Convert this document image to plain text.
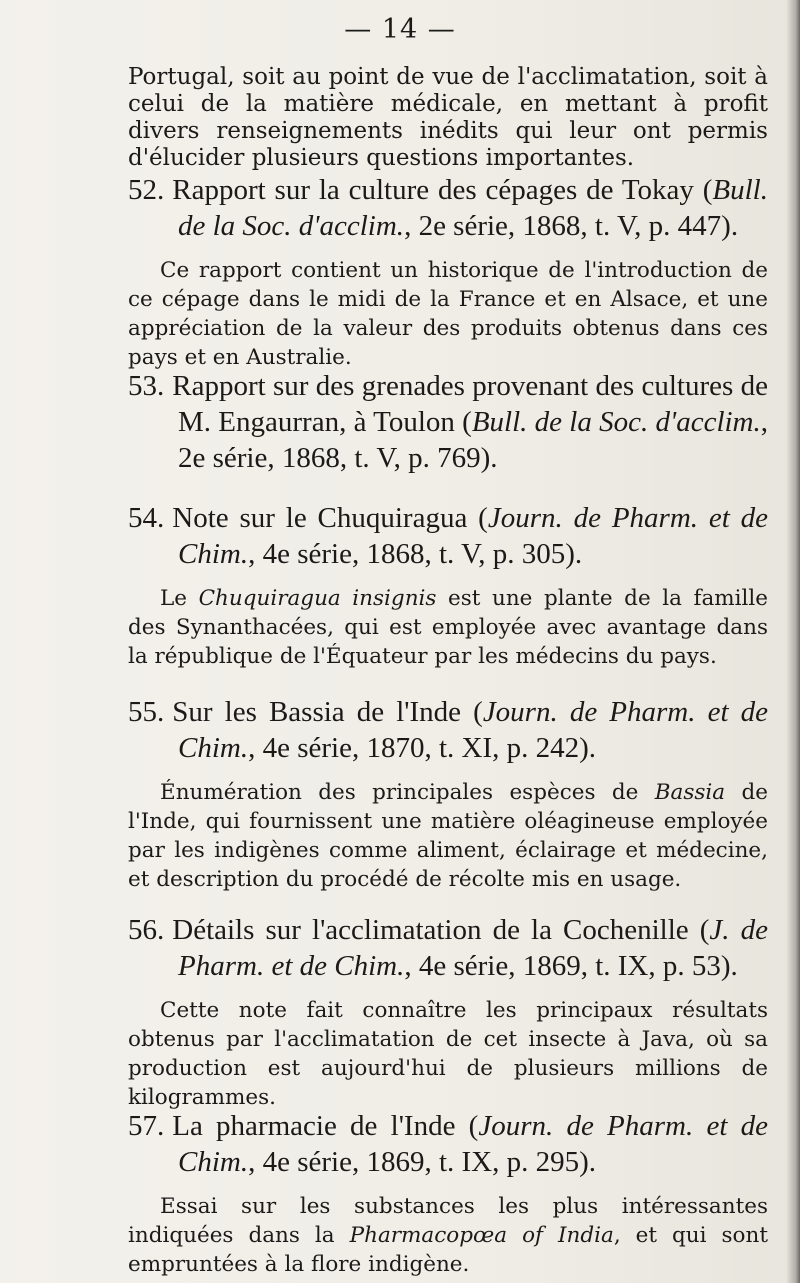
— 14 —
Portugal, soit au point de vue de l'acclimatation, soit à celui de la matière médicale, en mettant à profit divers renseignements inédits qui leur ont permis d'élucider plusieurs questions importantes.
52. Rapport sur la culture des cépages de Tokay (Bull. de la Soc. d'acclim., 2e série, 1868, t. V, p. 447).
Ce rapport contient un historique de l'introduction de ce cépage dans le midi de la France et en Alsace, et une appréciation de la valeur des produits obtenus dans ces pays et en Australie.
53. Rapport sur des grenades provenant des cultures de M. Engaurran, à Toulon (Bull. de la Soc. d'acclim., 2e série, 1868, t. V, p. 769).
54. Note sur le Chuquiragua (Journ. de Pharm. et de Chim., 4e série, 1868, t. V, p. 305).
Le Chuquiragua insignis est une plante de la famille des Synanthacées, qui est employée avec avantage dans la république de l'Équateur par les médecins du pays.
55. Sur les Bassia de l'Inde (Journ. de Pharm. et de Chim., 4e série, 1870, t. XI, p. 242).
Énumération des principales espèces de Bassia de l'Inde, qui fournissent une matière oléagineuse employée par les indigènes comme aliment, éclairage et médecine, et description du procédé de récolte mis en usage.
56. Détails sur l'acclimatation de la Cochenille (J. de Pharm. et de Chim., 4e série, 1869, t. IX, p. 53).
Cette note fait connaître les principaux résultats obtenus par l'acclimatation de cet insecte à Java, où sa production est aujourd'hui de plusieurs millions de kilogrammes.
57. La pharmacie de l'Inde (Journ. de Pharm. et de Chim., 4e série, 1869, t. IX, p. 295).
Essai sur les substances les plus intéressantes indiquées dans la Pharmacopœa of India, et qui sont empruntées à la flore indigène.
